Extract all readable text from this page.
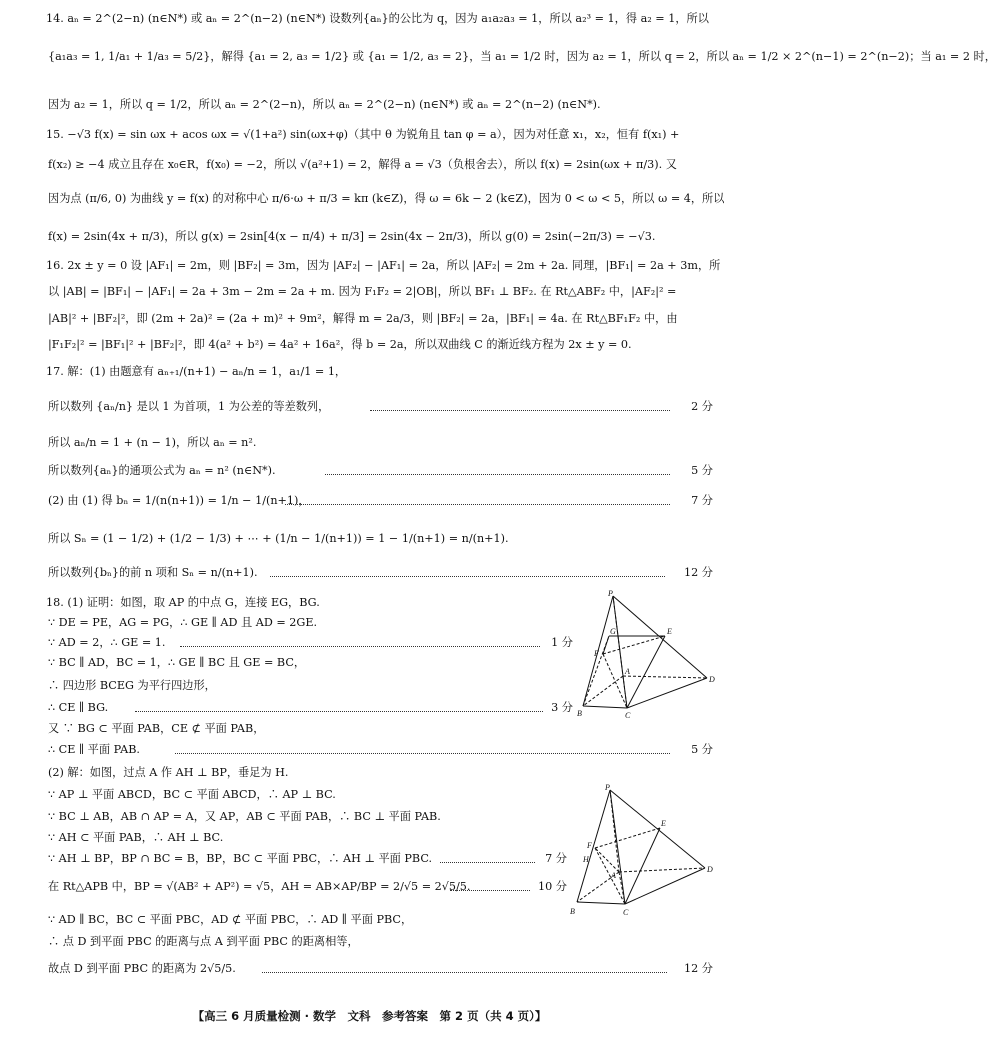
14. aₙ = 2^(2−n) (n∈N*) 或 aₙ = 2^(n−2) (n∈N*) 设数列{aₙ}的公比为 q，因为 a₁a₂a₃ = 1，所以 a₂³ = 1，得 a₂ = 1，所以
{a₁a₃ = 1, 1/a₁ + 1/a₃ = 5/2}，解得 {a₁ = 2, a₃ = 1/2} 或 {a₁ = 1/2, a₃ = 2}，当 a₁ = 1/2 时，因为 a₂ = 1，所以 q = 2，所以 aₙ = 1/2 × 2^(n−1) = 2^(n−2)；当 a₁ = 2 时，
因为 a₂ = 1，所以 q = 1/2，所以 aₙ = 2^(2−n)，所以 aₙ = 2^(2−n) (n∈N*) 或 aₙ = 2^(n−2) (n∈N*).
15. −√3 f(x) = sin ωx + acos ωx = √(1+a²) sin(ωx+φ)（其中 θ 为锐角且 tan φ = a），因为对任意 x₁，x₂，恒有 f(x₁) +
f(x₂) ≥ −4 成立且存在 x₀∈R，f(x₀) = −2，所以 √(a²+1) = 2，解得 a = √3（负根舍去），所以 f(x) = 2sin(ωx + π/3). 又
因为点 (π/6, 0) 为曲线 y = f(x) 的对称中心 π/6·ω + π/3 = kπ (k∈Z)，得 ω = 6k − 2 (k∈Z)，因为 0 < ω < 5，所以 ω = 4，所以
f(x) = 2sin(4x + π/3)，所以 g(x) = 2sin[4(x − π/4) + π/3] = 2sin(4x − 2π/3)，所以 g(0) = 2sin(−2π/3) = −√3.
16. 2x ± y = 0 设 |AF₁| = 2m，则 |BF₂| = 3m，因为 |AF₂| − |AF₁| = 2a，所以 |AF₂| = 2m + 2a. 同理，|BF₁| = 2a + 3m，所
以 |AB| = |BF₁| − |AF₁| = 2a + 3m − 2m = 2a + m. 因为 F₁F₂ = 2|OB|，所以 BF₁ ⊥ BF₂. 在 Rt△ABF₂ 中，|AF₂|² =
|AB|² + |BF₂|²，即 (2m + 2a)² = (2a + m)² + 9m²，解得 m = 2a/3，则 |BF₂| = 2a，|BF₁| = 4a. 在 Rt△BF₁F₂ 中，由
|F₁F₂|² = |BF₁|² + |BF₂|²，即 4(a² + b²) = 4a² + 16a²，得 b = 2a，所以双曲线 C 的渐近线方程为 2x ± y = 0.
17. 解：(1) 由题意有 aₙ₊₁/(n+1) − aₙ/n = 1，a₁/1 = 1，
所以数列 {aₙ/n} 是以 1 为首项，1 为公差的等差数列，	2 分
所以 aₙ/n = 1 + (n − 1)，所以 aₙ = n².
所以数列{aₙ}的通项公式为 aₙ = n² (n∈N*).	5 分
(2) 由 (1) 得 bₙ = 1/(n(n+1)) = 1/n − 1/(n+1)，	7 分
所以 Sₙ = (1 − 1/2) + (1/2 − 1/3) + ⋯ + (1/n − 1/(n+1)) = 1 − 1/(n+1) = n/(n+1).
所以数列{bₙ}的前 n 项和 Sₙ = n/(n+1).	12 分
18. (1) 证明：如图，取 AP 的中点 G，连接 EG，BG.
∵ DE = PE，AG = PG，∴ GE ∥ AD 且 AD = 2GE.
∵ AD = 2，∴ GE = 1.	1 分
∵ BC ∥ AD，BC = 1，∴ GE ∥ BC 且 GE = BC，
∴ 四边形 BCEG 为平行四边形，
∴ CE ∥ BG.	3 分
又 ∵ BG ⊂ 平面 PAB，CE ⊄ 平面 PAB，
∴ CE ∥ 平面 PAB.	5 分
(2) 解：如图，过点 A 作 AH ⊥ BP，垂足为 H.
∵ AP ⊥ 平面 ABCD，BC ⊂ 平面 ABCD，∴ AP ⊥ BC.
∵ BC ⊥ AB，AB ∩ AP = A，又 AP，AB ⊂ 平面 PAB，∴ BC ⊥ 平面 PAB.
∵ AH ⊂ 平面 PAB，∴ AH ⊥ BC.
∵ AH ⊥ BP，BP ∩ BC = B，BP，BC ⊂ 平面 PBC，∴ AH ⊥ 平面 PBC.	7 分
在 Rt△APB 中，BP = √(AB² + AP²) = √5，AH = AB×AP/BP = 2/√5 = 2√5/5.	10 分
∵ AD ∥ BC，BC ⊂ 平面 PBC，AD ⊄ 平面 PBC，∴ AD ∥ 平面 PBC，
∴ 点 D 到平面 PBC 的距离与点 A 到平面 PBC 的距离相等，
故点 D 到平面 PBC 的距离为 2√5/5.	12 分
P
G	E
F
A
D
B	C
P
E
F
H
A
D
B	C
【高三 6 月质量检测 · 数学　文科　参考答案　第 2 页（共 4 页）】
